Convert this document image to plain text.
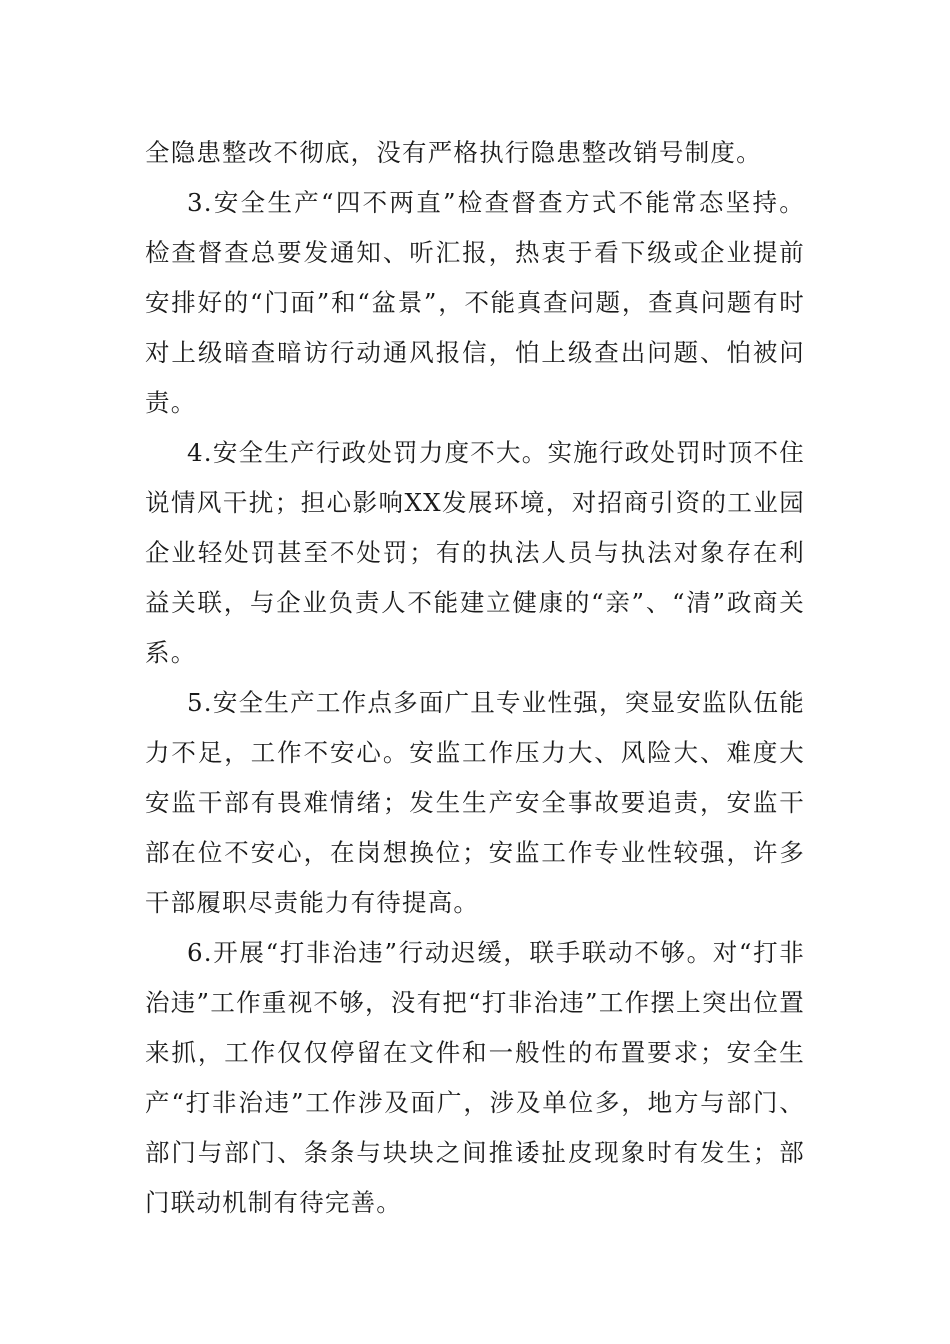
全隐患整改不彻底，没有严格执行隐患整改销号制度。

3.安全生产“四不两直”检查督查方式不能常态坚持。检查督查总要发通知、听汇报，热衷于看下级或企业提前安排好的“门面”和“盆景”，不能真查问题，查真问题有时对上级暗查暗访行动通风报信，怕上级查出问题、怕被问责。

4.安全生产行政处罚力度不大。实施行政处罚时顶不住说情风干扰；担心影响XX发展环境，对招商引资的工业园企业轻处罚甚至不处罚；有的执法人员与执法对象存在利益关联，与企业负责人不能建立健康的“亲”、“清”政商关系。

5.安全生产工作点多面广且专业性强，突显安监队伍能力不足，工作不安心。安监工作压力大、风险大、难度大安监干部有畏难情绪；发生生产安全事故要追责，安监干部在位不安心，在岗想换位；安监工作专业性较强，许多干部履职尽责能力有待提高。

6.开展“打非治违”行动迟缓，联手联动不够。对“打非治违”工作重视不够，没有把“打非治违”工作摆上突出位置来抓，工作仅仅停留在文件和一般性的布置要求；安全生产“打非治违”工作涉及面广，涉及单位多，地方与部门、部门与部门、条条与块块之间推诿扯皮现象时有发生；部门联动机制有待完善。
